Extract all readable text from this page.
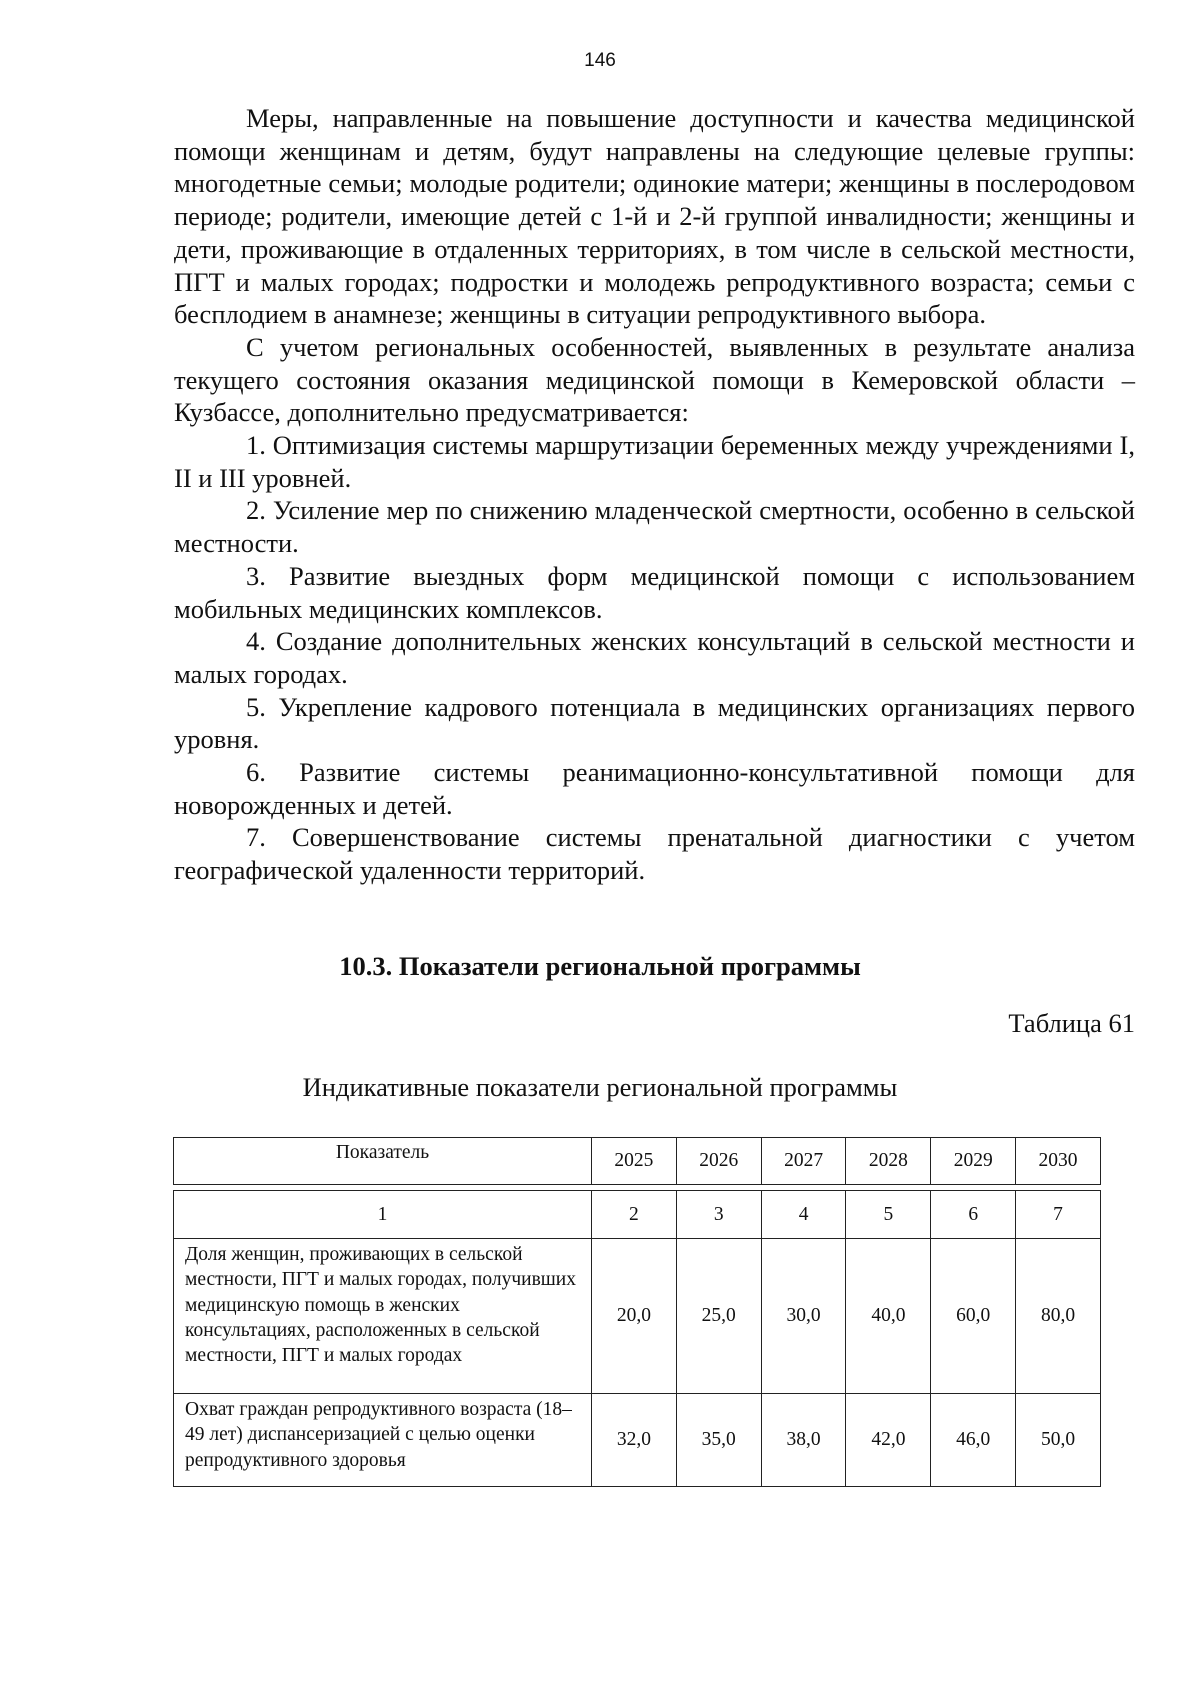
146

Меры, направленные на повышение доступности и качества медицинской помощи женщинам и детям, будут направлены на следующие целевые группы: многодетные семьи; молодые родители; одинокие матери; женщины в послеродовом периоде; родители, имеющие детей с 1-й и 2-й группой инвалидности; женщины и дети, проживающие в отдаленных территориях, в том числе в сельской местности, ПГТ и малых городах; подростки и молодежь репродуктивного возраста; семьи с бесплодием в анамнезе; женщины в ситуации репродуктивного выбора.

С учетом региональных особенностей, выявленных в результате анализа текущего состояния оказания медицинской помощи в Кемеровской области – Кузбассе, дополнительно предусматривается:

1. Оптимизация системы маршрутизации беременных между учреждениями I, II и III уровней.

2. Усиление мер по снижению младенческой смертности, особенно в сельской местности.

3. Развитие выездных форм медицинской помощи с использованием мобильных медицинских комплексов.

4. Создание дополнительных женских консультаций в сельской местности и малых городах.

5. Укрепление кадрового потенциала в медицинских организациях первого уровня.

6. Развитие системы реанимационно-консультативной помощи для новорожденных и детей.

7. Совершенствование системы пренатальной диагностики с учетом географической удаленности территорий.

10.3. Показатели региональной программы
Таблица 61
Индикативные показатели региональной программы
Показатель	2025	2026	2027	2028	2029	2030
1	2	3	4	5	6	7
Доля женщин, проживающих в сельской местности, ПГТ и малых городах, получивших медицинскую помощь в женских консультациях, расположенных в сельской местности, ПГТ и малых городах	20,0	25,0	30,0	40,0	60,0	80,0
Охват граждан репродуктивного возраста (18–49 лет) диспансеризацией с целью оценки репродуктивного здоровья	32,0	35,0	38,0	42,0	46,0	50,0
